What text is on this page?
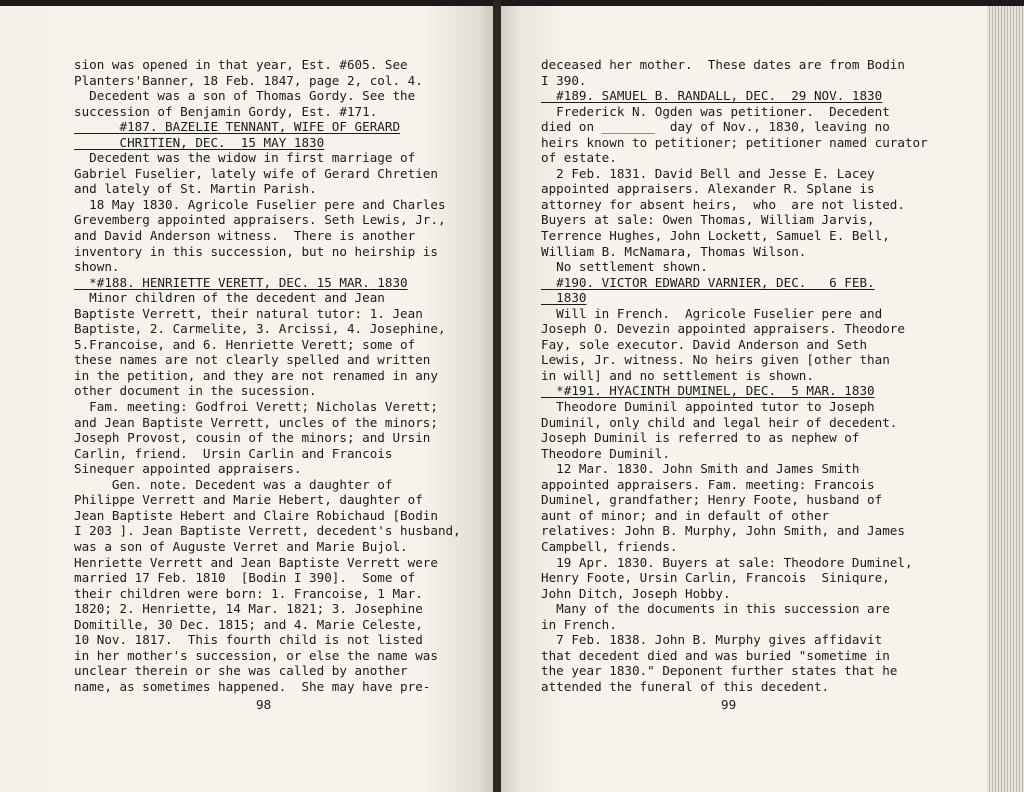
sion was opened in that year, Est. #605. See
Planters'Banner, 18 Feb. 1847, page 2, col. 4.
Decedent was a son of Thomas Gordy. See the
succession of Benjamin Gordy, Est. #171.
#187. BAZELIE TENNANT, WIFE OF GERARD
CHRITIEN, DEC.  15 MAY 1830
Decedent was the widow in first marriage of
Gabriel Fuselier, lately wife of Gerard Chretien
and lately of St. Martin Parish.
18 May 1830. Agricole Fuselier pere and Charles
Grevemberg appointed appraisers. Seth Lewis, Jr.,
and David Anderson witness.  There is another
inventory in this succession, but no heirship is
shown.
*#188. HENRIETTE VERETT, DEC. 15 MAR. 1830
Minor children of the decedent and Jean
Baptiste Verrett, their natural tutor: 1. Jean
Baptiste, 2. Carmelite, 3. Arcissi, 4. Josephine,
5.Francoise, and 6. Henriette Verett; some of
these names are not clearly spelled and written
in the petition, and they are not renamed in any
other document in the sucession.
Fam. meeting: Godfroi Verett; Nicholas Verett;
and Jean Baptiste Verrett, uncles of the minors;
Joseph Provost, cousin of the minors; and Ursin
Carlin, friend.  Ursin Carlin and Francois
Sinequer appointed appraisers.
Gen. note. Decedent was a daughter of
Philippe Verrett and Marie Hebert, daughter of
Jean Baptiste Hebert and Claire Robichaud [Bodin
I 203 ]. Jean Baptiste Verrett, decedent's husband,
was a son of Auguste Verret and Marie Bujol.
Henriette Verrett and Jean Baptiste Verrett were
married 17 Feb. 1810  [Bodin I 390].  Some of
their children were born: 1. Francoise, 1 Mar.
1820; 2. Henriette, 14 Mar. 1821; 3. Josephine
Domitille, 30 Dec. 1815; and 4. Marie Celeste,
10 Nov. 1817.  This fourth child is not listed
in her mother's succession, or else the name was
unclear therein or she was called by another
name, as sometimes happened.  She may have pre-
deceased her mother.  These dates are from Bodin
I 390.
#189. SAMUEL B. RANDALL, DEC.  29 NOV. 1830
Frederick N. Ogden was petitioner.  Decedent
died on _______  day of Nov., 1830, leaving no
heirs known to petitioner; petitioner named curator
of estate.
2 Feb. 1831. David Bell and Jesse E. Lacey
appointed appraisers. Alexander R. Splane is
attorney for absent heirs,  who  are not listed.
Buyers at sale: Owen Thomas, William Jarvis,
Terrence Hughes, John Lockett, Samuel E. Bell,
William B. McNamara, Thomas Wilson.
No settlement shown.
#190. VICTOR EDWARD VARNIER, DEC.   6 FEB.
1830
Will in French.  Agricole Fuselier pere and
Joseph O. Devezin appointed appraisers. Theodore
Fay, sole executor. David Anderson and Seth
Lewis, Jr. witness. No heirs given [other than
in will] and no settlement is shown.
*#191. HYACINTH DUMINEL, DEC.  5 MAR. 1830
Theodore Duminil appointed tutor to Joseph
Duminil, only child and legal heir of decedent.
Joseph Duminil is referred to as nephew of
Theodore Duminil.
12 Mar. 1830. John Smith and James Smith
appointed appraisers. Fam. meeting: Francois
Duminel, grandfather; Henry Foote, husband of
aunt of minor; and in default of other
relatives: John B. Murphy, John Smith, and James
Campbell, friends.
19 Apr. 1830. Buyers at sale: Theodore Duminel,
Henry Foote, Ursin Carlin, Francois  Siniqure,
John Ditch, Joseph Hobby.
Many of the documents in this succession are
in French.
7 Feb. 1838. John B. Murphy gives affidavit
that decedent died and was buried "sometime in
the year 1830." Deponent further states that he
attended the funeral of this decedent.
98	99
